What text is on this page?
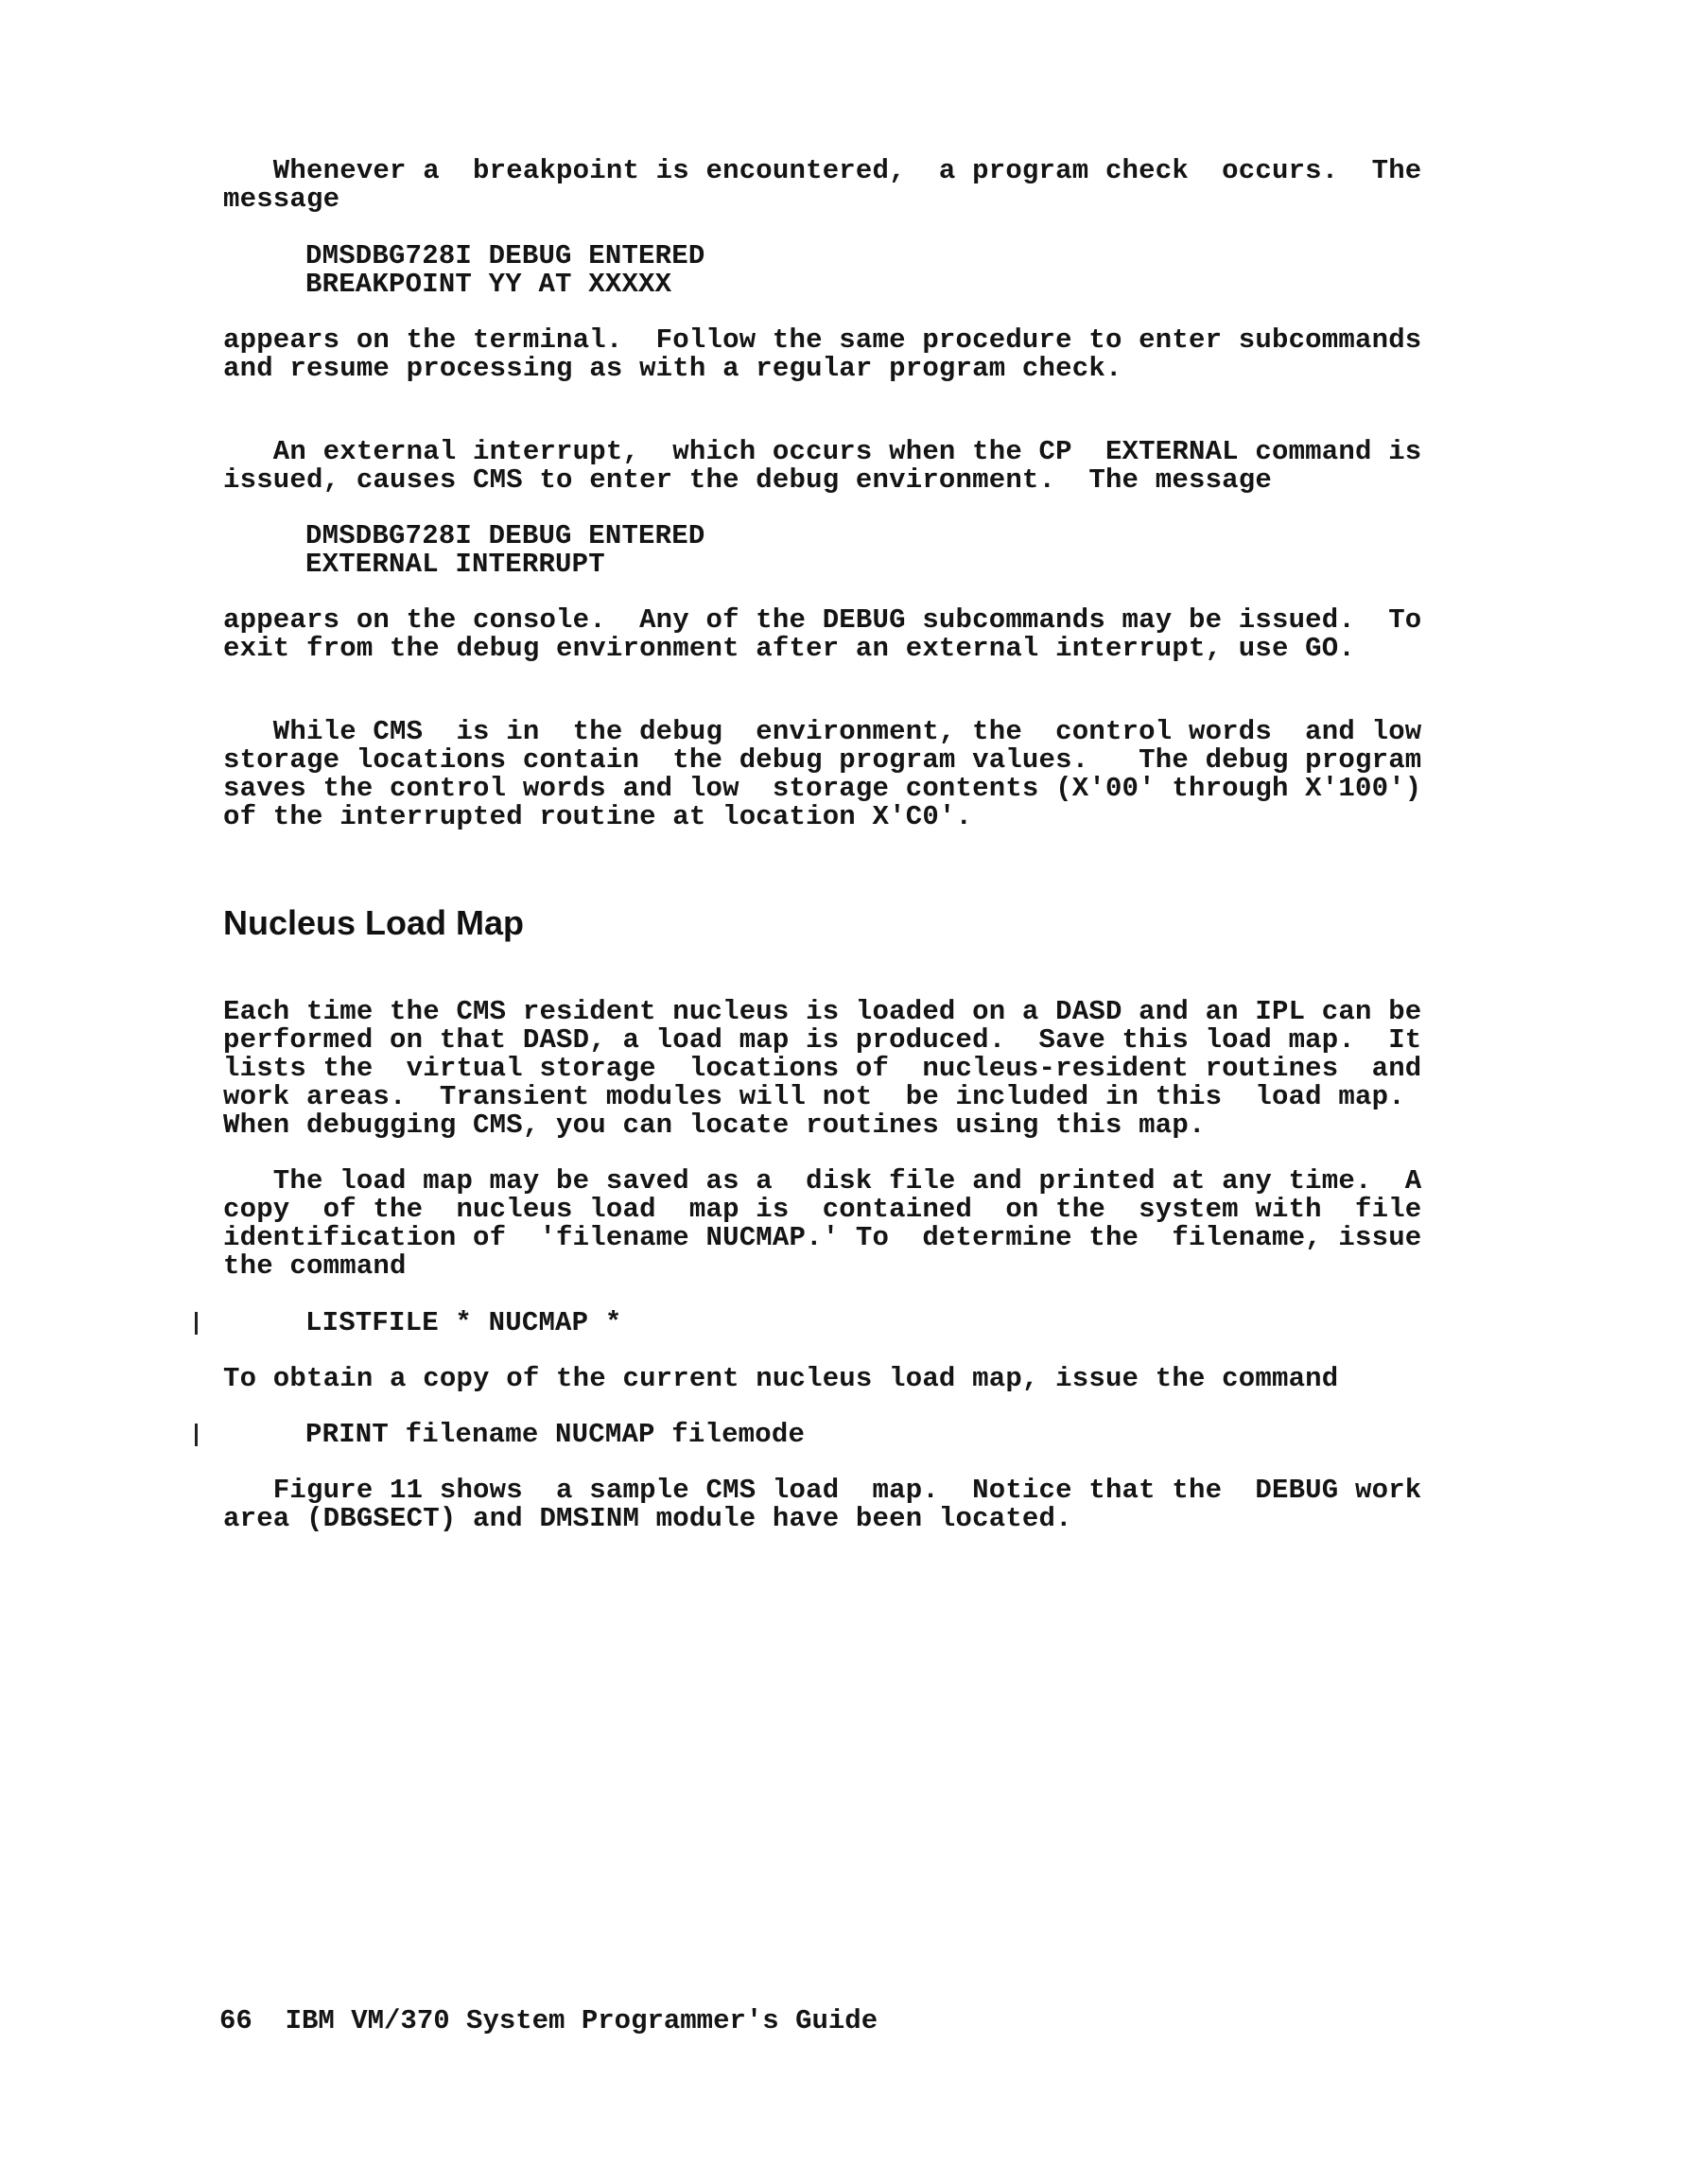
Whenever a  breakpoint is encountered,  a program check  occurs.  The
message
DMSDBG728I DEBUG ENTERED
BREAKPOINT YY AT XXXXX
appears on the terminal.  Follow the same procedure to enter subcommands
and resume processing as with a regular program check.
An external interrupt,  which occurs when the CP  EXTERNAL command is
issued, causes CMS to enter the debug environment.  The message
DMSDBG728I DEBUG ENTERED
EXTERNAL INTERRUPT
appears on the console.  Any of the DEBUG subcommands may be issued.  To
exit from the debug environment after an external interrupt, use GO.
While CMS  is in  the debug  environment, the  control words  and low
storage locations contain  the debug program values.   The debug program
saves the control words and low  storage contents (X'00' through X'100')
of the interrupted routine at location X'C0'.
Nucleus Load Map
Each time the CMS resident nucleus is loaded on a DASD and an IPL can be
performed on that DASD, a load map is produced.  Save this load map.  It
lists the  virtual storage  locations of  nucleus-resident routines  and
work areas.  Transient modules will not  be included in this  load map.
When debugging CMS, you can locate routines using this map.
The load map may be saved as a  disk file and printed at any time.  A
copy  of the  nucleus load  map is  contained  on the  system with  file
identification of  'filename NUCMAP.' To  determine the  filename, issue
the command
LISTFILE * NUCMAP *
To obtain a copy of the current nucleus load map, issue the command
PRINT filename NUCMAP filemode
Figure 11 shows  a sample CMS load  map.  Notice that the  DEBUG work
area (DBGSECT) and DMSINM module have been located.
66  IBM VM/370 System Programmer's Guide
